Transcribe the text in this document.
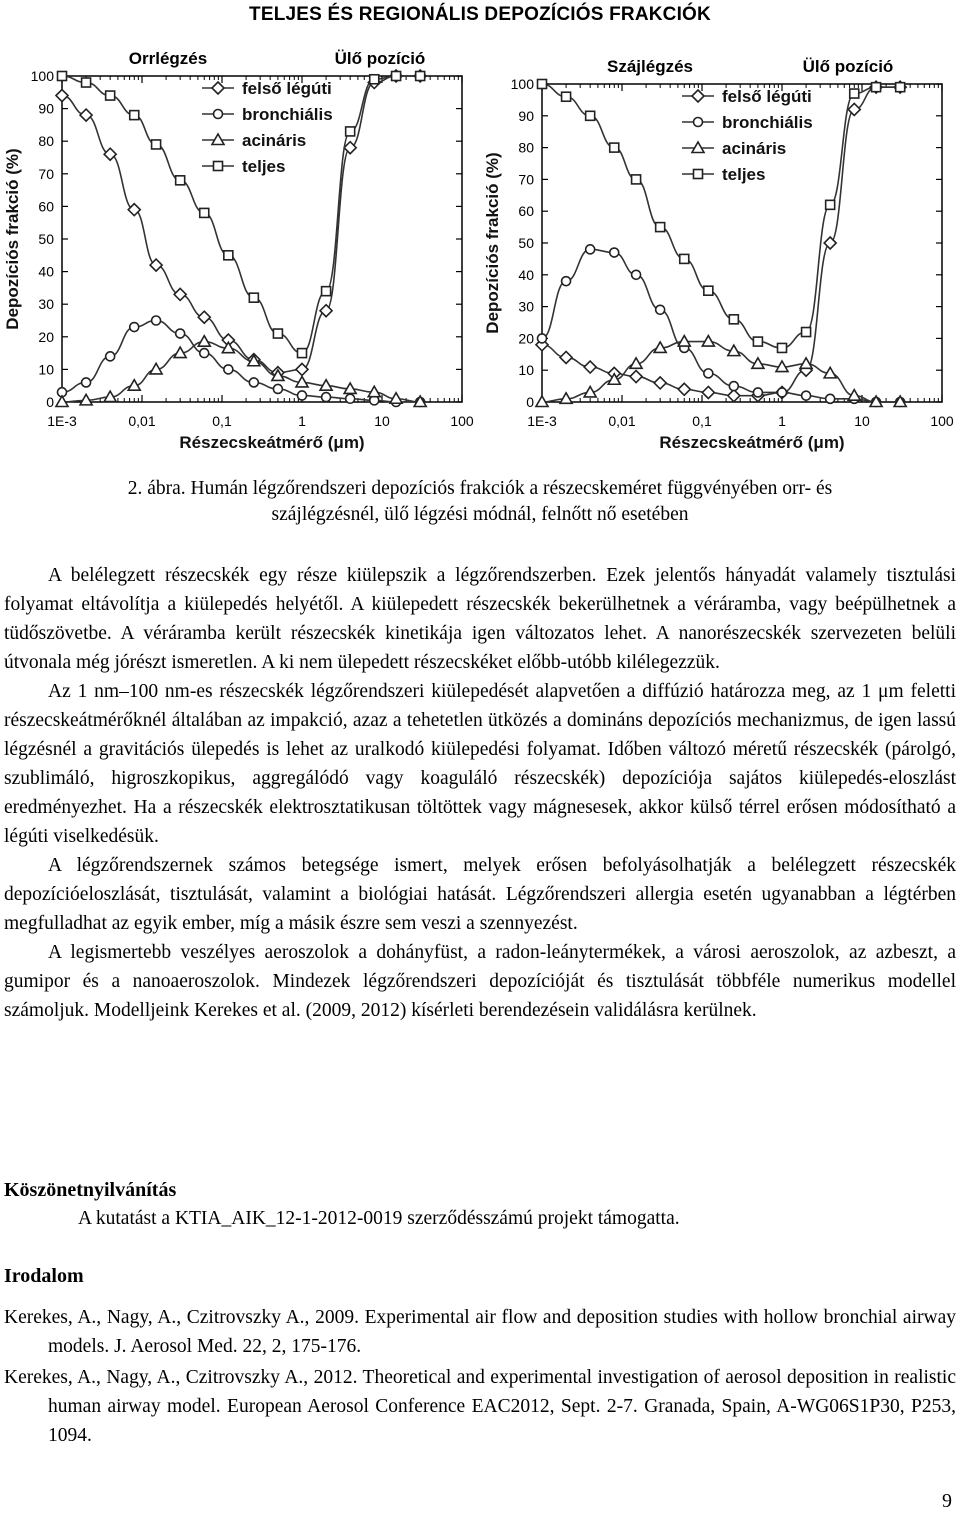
TELJES ÉS REGIONÁLIS DEPOZÍCIÓS FRAKCIÓK
0
10
20
30
40
50
60
70
80
90
100
1E-3	0,01	0,1	1	10	100
Részecskeátmérő (μm)
Depozíciós frakció (%)
Orrlégzés	Ülő pozíció
felső légúti
bronchiális
acináris
teljes
0
10
20
30
40
50
60
70
80
90
100
1E-3	0,01	0,1	1	10	100
Részecskeátmérő (μm)
Depozíciós frakció (%)
Szájlégzés	Ülő pozíció
felső légúti
bronchiális
acináris
teljes
2. ábra. Humán légzőrendszeri depozíciós frakciók a részecskeméret függvényében orr- és
szájlégzésnél, ülő légzési módnál, felnőtt nő esetében

A belélegzett részecskék egy része kiülepszik a légzőrendszerben. Ezek jelentős hányadát valamely tisztulási folyamat eltávolítja a kiülepedés helyétől. A kiülepedett részecskék bekerülhetnek a véráramba, vagy beépülhetnek a tüdőszövetbe. A véráramba került részecskék kinetikája igen változatos lehet. A nanorészecskék szervezeten belüli útvonala még jórészt ismeretlen. A ki nem ülepedett részecskéket előbb-utóbb kilélegezzük.

Az 1 nm–100 nm-es részecskék légzőrendszeri kiülepedését alapvetően a diffúzió határozza meg, az 1 μm feletti részecskeátmérőknél általában az impakció, azaz a tehetetlen ütközés a domináns depozíciós mechanizmus, de igen lassú légzésnél a gravitációs ülepedés is lehet az uralkodó kiülepedési folyamat. Időben változó méretű részecskék (párolgó, szublimáló, higroszkopikus, aggregálódó vagy koaguláló részecskék) depozíciója sajátos kiülepedés-eloszlást eredményezhet. Ha a részecskék elektrosztatikusan töltöttek vagy mágnesesek, akkor külső térrel erősen módosítható a légúti viselkedésük.

A légzőrendszernek számos betegsége ismert, melyek erősen befolyásolhatják a belélegzett részecskék depozícióeloszlását, tisztulását, valamint a biológiai hatását. Légzőrendszeri allergia esetén ugyanabban a légtérben megfulladhat az egyik ember, míg a másik észre sem veszi a szennyezést.

A legismertebb veszélyes aeroszolok a dohányfüst, a radon-leánytermékek, a városi aeroszolok, az azbeszt, a gumipor és a nanoaeroszolok. Mindezek légzőrendszeri depozícióját és tisztulását többféle numerikus modellel számoljuk. Modelljeink Kerekes et al. (2009, 2012) kísérleti berendezésein validálásra kerülnek.

Köszönetnyilvánítás
A kutatást a KTIA_AIK_12-1-2012-0019 szerződésszámú projekt támogatta.
Irodalom

Kerekes, A., Nagy, A., Czitrovszky A., 2009. Experimental air flow and deposition studies with hollow bronchial airway models. J. Aerosol Med. 22, 2, 175-176.

Kerekes, A., Nagy, A., Czitrovszky A., 2012. Theoretical and experimental investigation of aerosol deposition in realistic human airway model. European Aerosol Conference EAC2012, Sept. 2-7. Granada, Spain, A-WG06S1P30, P253, 1094.

9
